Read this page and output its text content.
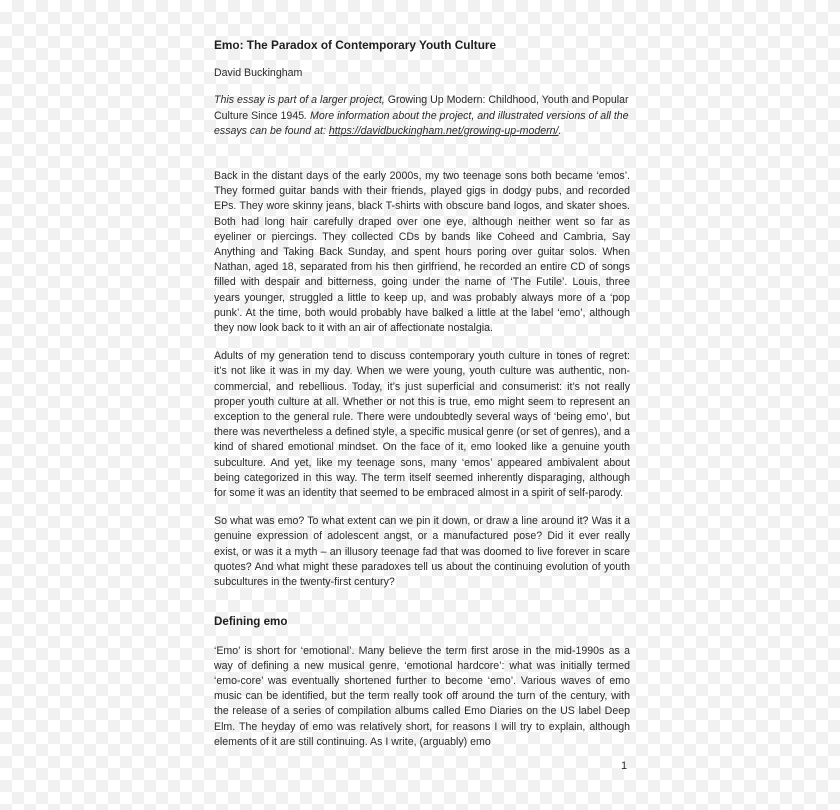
Emo: The Paradox of Contemporary Youth Culture
David Buckingham
This essay is part of a larger project, Growing Up Modern: Childhood, Youth and Popular Culture Since 1945. More information about the project, and illustrated versions of all the essays can be found at: https://davidbuckingham.net/growing-up-modern/.

Back in the distant days of the early 2000s, my two teenage sons both became ‘emos’. They formed guitar bands with their friends, played gigs in dodgy pubs, and recorded EPs. They wore skinny jeans, black T-shirts with obscure band logos, and skater shoes. Both had long hair carefully draped over one eye, although neither went so far as eyeliner or piercings. They collected CDs by bands like Coheed and Cambria, Say Anything and Taking Back Sunday, and spent hours poring over guitar solos. When Nathan, aged 18, separated from his then girlfriend, he recorded an entire CD of songs filled with despair and bitterness, going under the name of ‘The Futile’. Louis, three years younger, struggled a little to keep up, and was probably always more of a ‘pop punk’. At the time, both would probably have balked a little at the label ‘emo’, although they now look back to it with an air of affectionate nostalgia.

Adults of my generation tend to discuss contemporary youth culture in tones of regret: it’s not like it was in my day. When we were young, youth culture was authentic, non-commercial, and rebellious. Today, it’s just superficial and consumerist: it’s not really proper youth culture at all. Whether or not this is true, emo might seem to represent an exception to the general rule. There were undoubtedly several ways of ‘being emo’, but there was nevertheless a defined style, a specific musical genre (or set of genres), and a kind of shared emotional mindset. On the face of it, emo looked like a genuine youth subculture. And yet, like my teenage sons, many ‘emos’ appeared ambivalent about being categorized in this way. The term itself seemed inherently disparaging, although for some it was an identity that seemed to be embraced almost in a spirit of self-parody.

So what was emo? To what extent can we pin it down, or draw a line around it? Was it a genuine expression of adolescent angst, or a manufactured pose? Did it ever really exist, or was it a myth – an illusory teenage fad that was doomed to live forever in scare quotes? And what might these paradoxes tell us about the continuing evolution of youth subcultures in the twenty-first century?

Defining emo

‘Emo’ is short for ‘emotional’. Many believe the term first arose in the mid-1990s as a way of defining a new musical genre, ‘emotional hardcore’: what was initially termed ‘emo-core’ was eventually shortened further to become ‘emo’. Various waves of emo music can be identified, but the term really took off around the turn of the century, with the release of a series of compilation albums called Emo Diaries on the US label Deep Elm. The heyday of emo was relatively short, for reasons I will try to explain, although elements of it are still continuing. As I write, (arguably) emo

1
